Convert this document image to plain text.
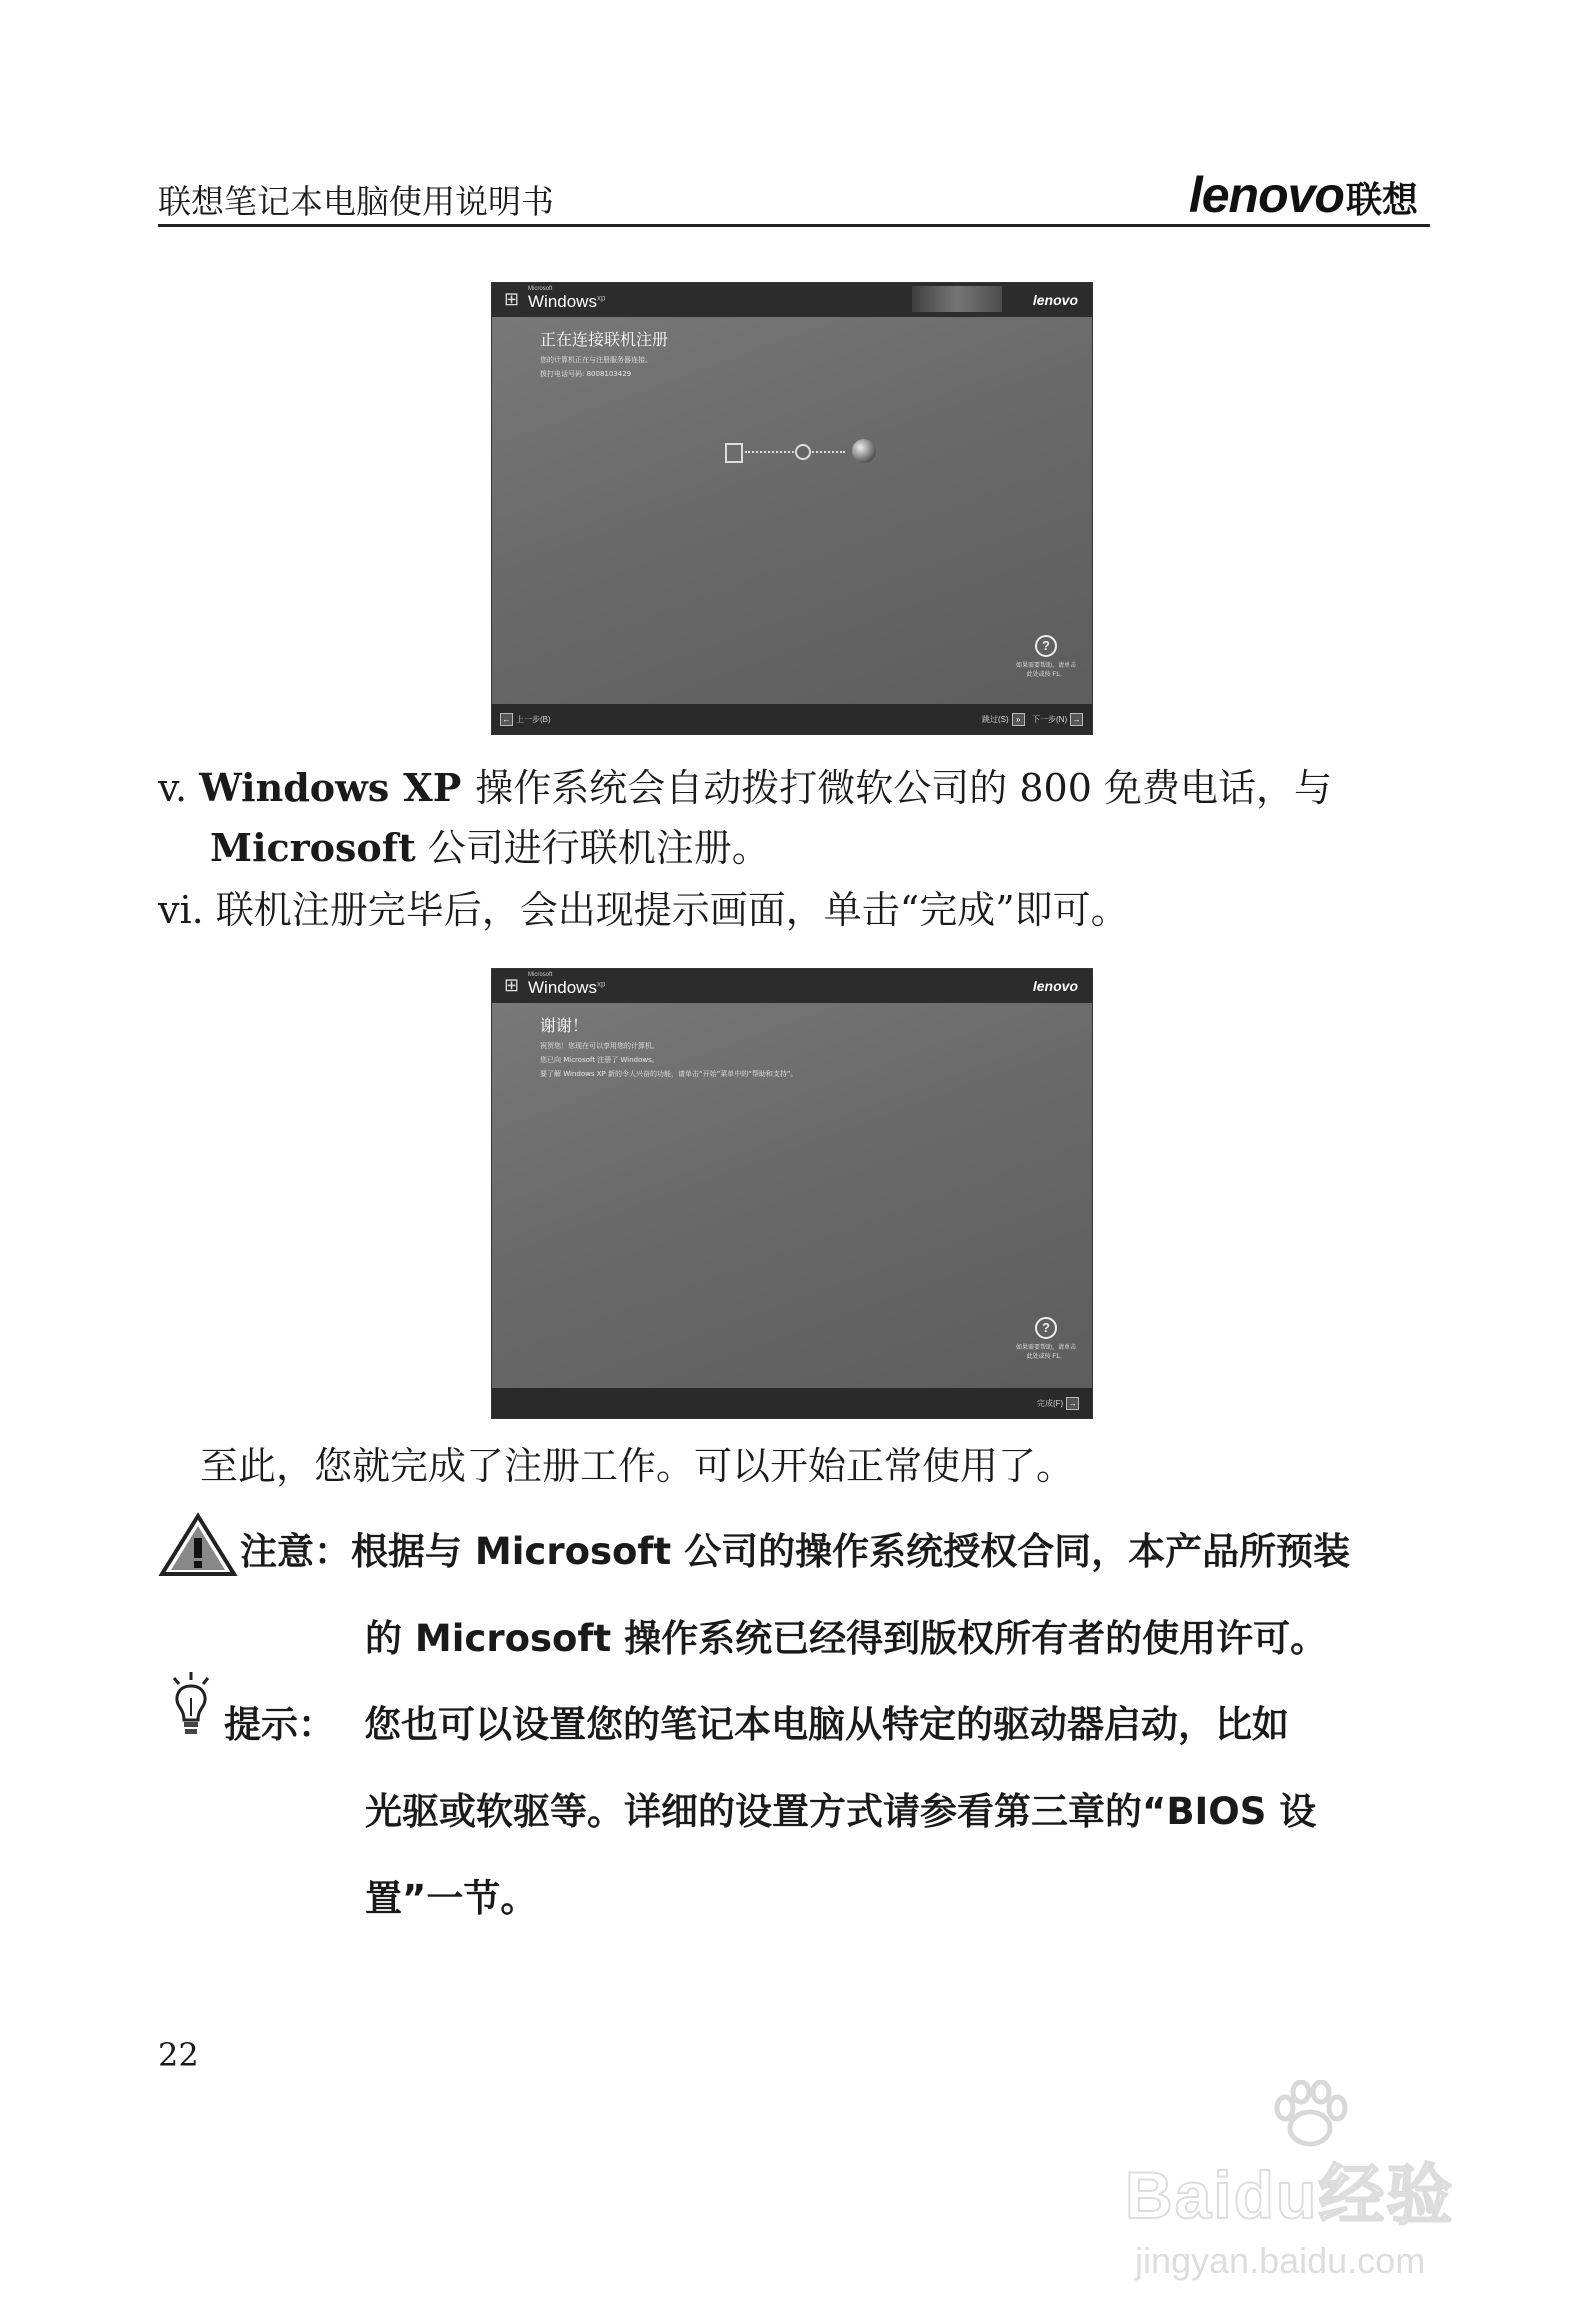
联想笔记本电脑使用说明书	lenovo 联想
⊞	Microsoft
Windows$^{xp}$	lenovo
正在连接联机注册
您的计算机正在与注册服务器连接。
拨打电话号码: 8008103429
?
如果需要帮助，请单击此处或按 F1。
← 上一步(B)	跳过(S) »	下一步(N) →
v. Windows XP 操作系统会自动拨打微软公司的 800 免费电话，与
Microsoft 公司进行联机注册。
vi. 联机注册完毕后，会出现提示画面，单击“完成”即可。
⊞	Microsoft
Windows$^{xp}$	lenovo
谢谢！
祝贺您！您现在可以享用您的计算机。
您已向 Microsoft 注册了 Windows。
要了解 Windows XP 新的令人兴奋的功能，请单击“开始”菜单中的“帮助和支持”。
?
如果需要帮助，请单击此处或按 F1。
完成(F) →
至此，您就完成了注册工作。可以开始正常使用了。
注意：根据与 Microsoft 公司的操作系统授权合同，本产品所预装
的 Microsoft 操作系统已经得到版权所有者的使用许可。
提示： 您也可以设置您的笔记本电脑从特定的驱动器启动，比如
光驱或软驱等。详细的设置方式请参看第三章的“BIOS 设
置”一节。
22
Baidu经验
jingyan.baidu.com
